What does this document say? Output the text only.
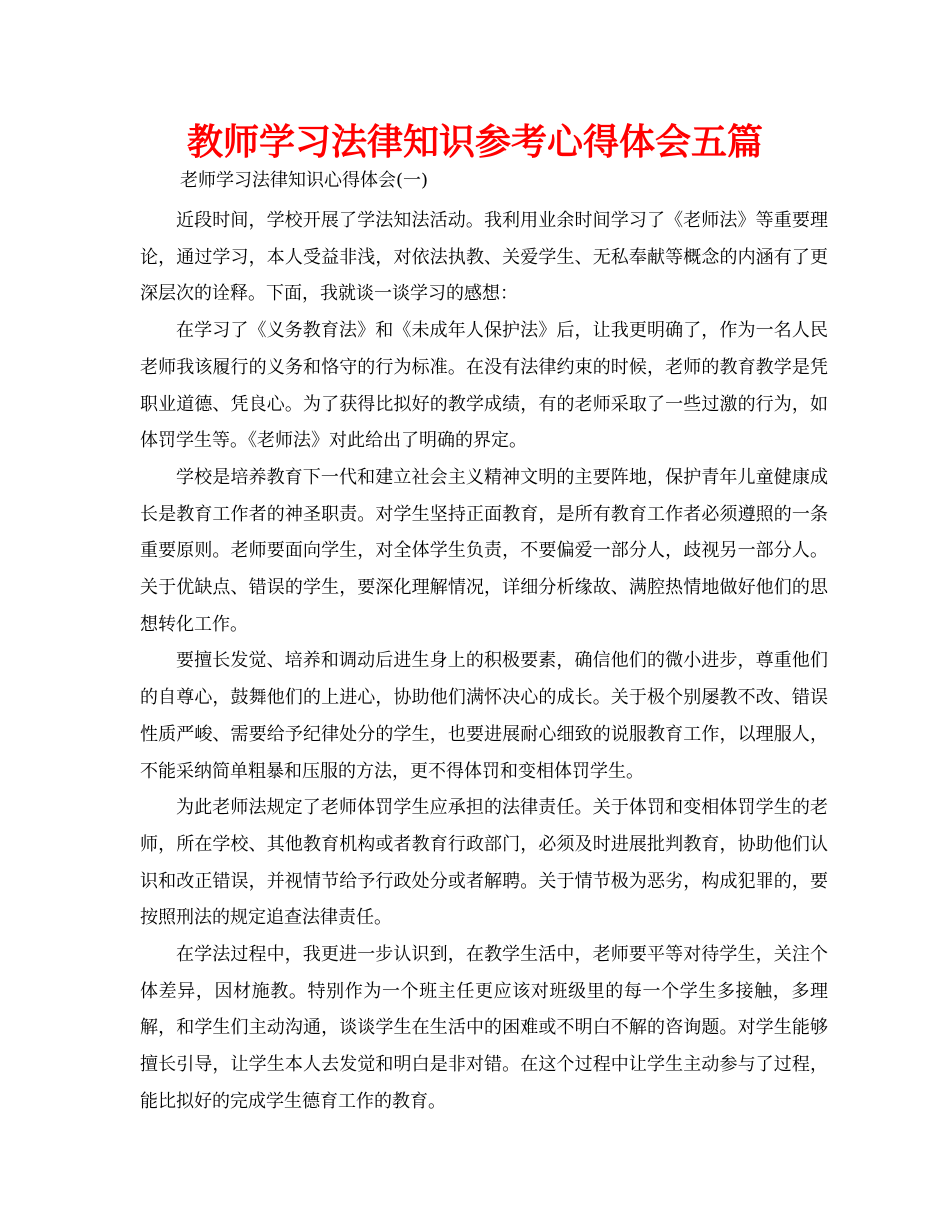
教师学习法律知识参考心得体会五篇
老师学习法律知识心得体会(一)

近段时间，学校开展了学法知法活动。我利用业余时间学习了《老师法》等重要理论，通过学习，本人受益非浅，对依法执教、关爱学生、无私奉献等概念的内涵有了更深层次的诠释。下面，我就谈一谈学习的感想：

在学习了《义务教育法》和《未成年人保护法》后，让我更明确了，作为一名人民老师我该履行的义务和恪守的行为标准。在没有法律约束的时候，老师的教育教学是凭职业道德、凭良心。为了获得比拟好的教学成绩，有的老师采取了一些过激的行为，如体罚学生等。《老师法》对此给出了明确的界定。

学校是培养教育下一代和建立社会主义精神文明的主要阵地，保护青年儿童健康成长是教育工作者的神圣职责。对学生坚持正面教育，是所有教育工作者必须遵照的一条重要原则。老师要面向学生，对全体学生负责，不要偏爱一部分人，歧视另一部分人。关于优缺点、错误的学生，要深化理解情况，详细分析缘故、满腔热情地做好他们的思想转化工作。

要擅长发觉、培养和调动后进生身上的积极要素，确信他们的微小进步，尊重他们的自尊心，鼓舞他们的上进心，协助他们满怀决心的成长。关于极个别屡教不改、错误性质严峻、需要给予纪律处分的学生，也要进展耐心细致的说服教育工作，以理服人，不能采纳简单粗暴和压服的方法，更不得体罚和变相体罚学生。

为此老师法规定了老师体罚学生应承担的法律责任。关于体罚和变相体罚学生的老师，所在学校、其他教育机构或者教育行政部门，必须及时进展批判教育，协助他们认识和改正错误，并视情节给予行政处分或者解聘。关于情节极为恶劣，构成犯罪的，要按照刑法的规定追查法律责任。

在学法过程中，我更进一步认识到，在教学生活中，老师要平等对待学生，关注个体差异，因材施教。特别作为一个班主任更应该对班级里的每一个学生多接触，多理解，和学生们主动沟通，谈谈学生在生活中的困难或不明白不解的咨询题。对学生能够擅长引导，让学生本人去发觉和明白是非对错。在这个过程中让学生主动参与了过程，能比拟好的完成学生德育工作的教育。
